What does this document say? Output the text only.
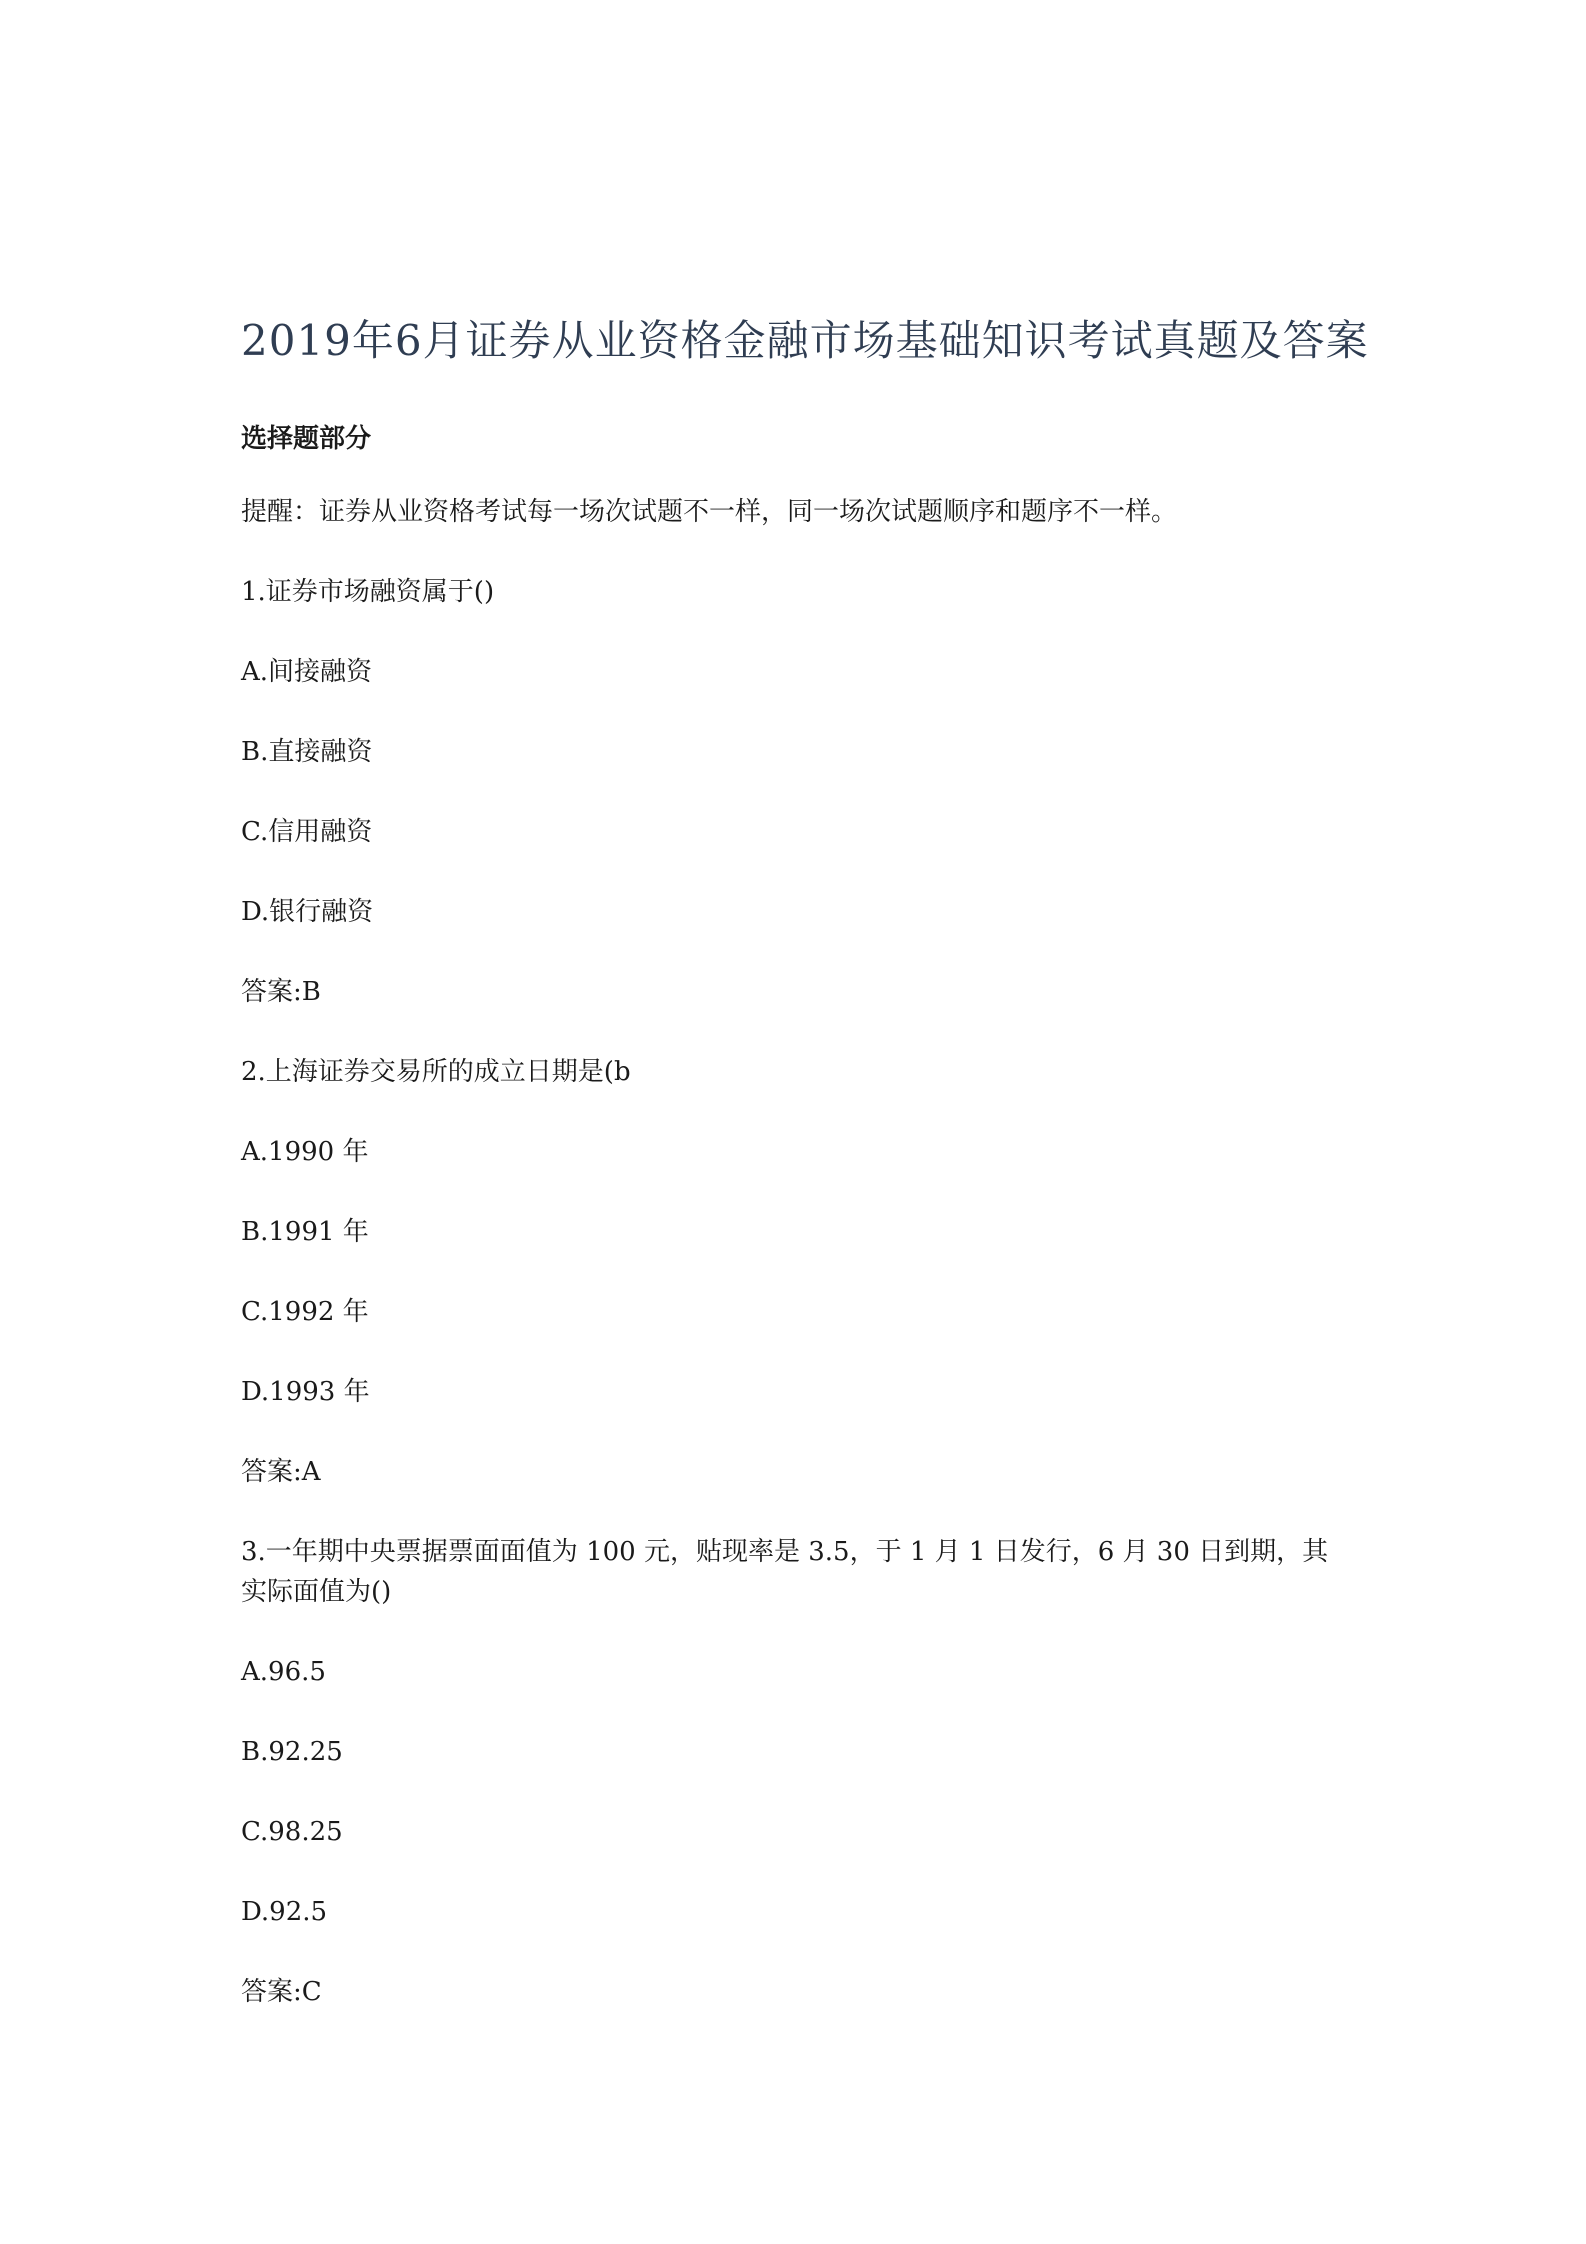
2019年6月证券从业资格金融市场基础知识考试真题及答案
选择题部分
提醒：证券从业资格考试每一场次试题不一样，同一场次试题顺序和题序不一样。
1.证券市场融资属于()
A.间接融资
B.直接融资
C.信用融资
D.银行融资
答案:B
2.上海证券交易所的成立日期是(b
A.1990 年
B.1991 年
C.1992 年
D.1993 年
答案:A
3.一年期中央票据票面面值为 100 元，贴现率是 3.5，于 1 月 1 日发行，6 月 30 日到期，其实际面值为()
A.96.5
B.92.25
C.98.25
D.92.5
答案:C
